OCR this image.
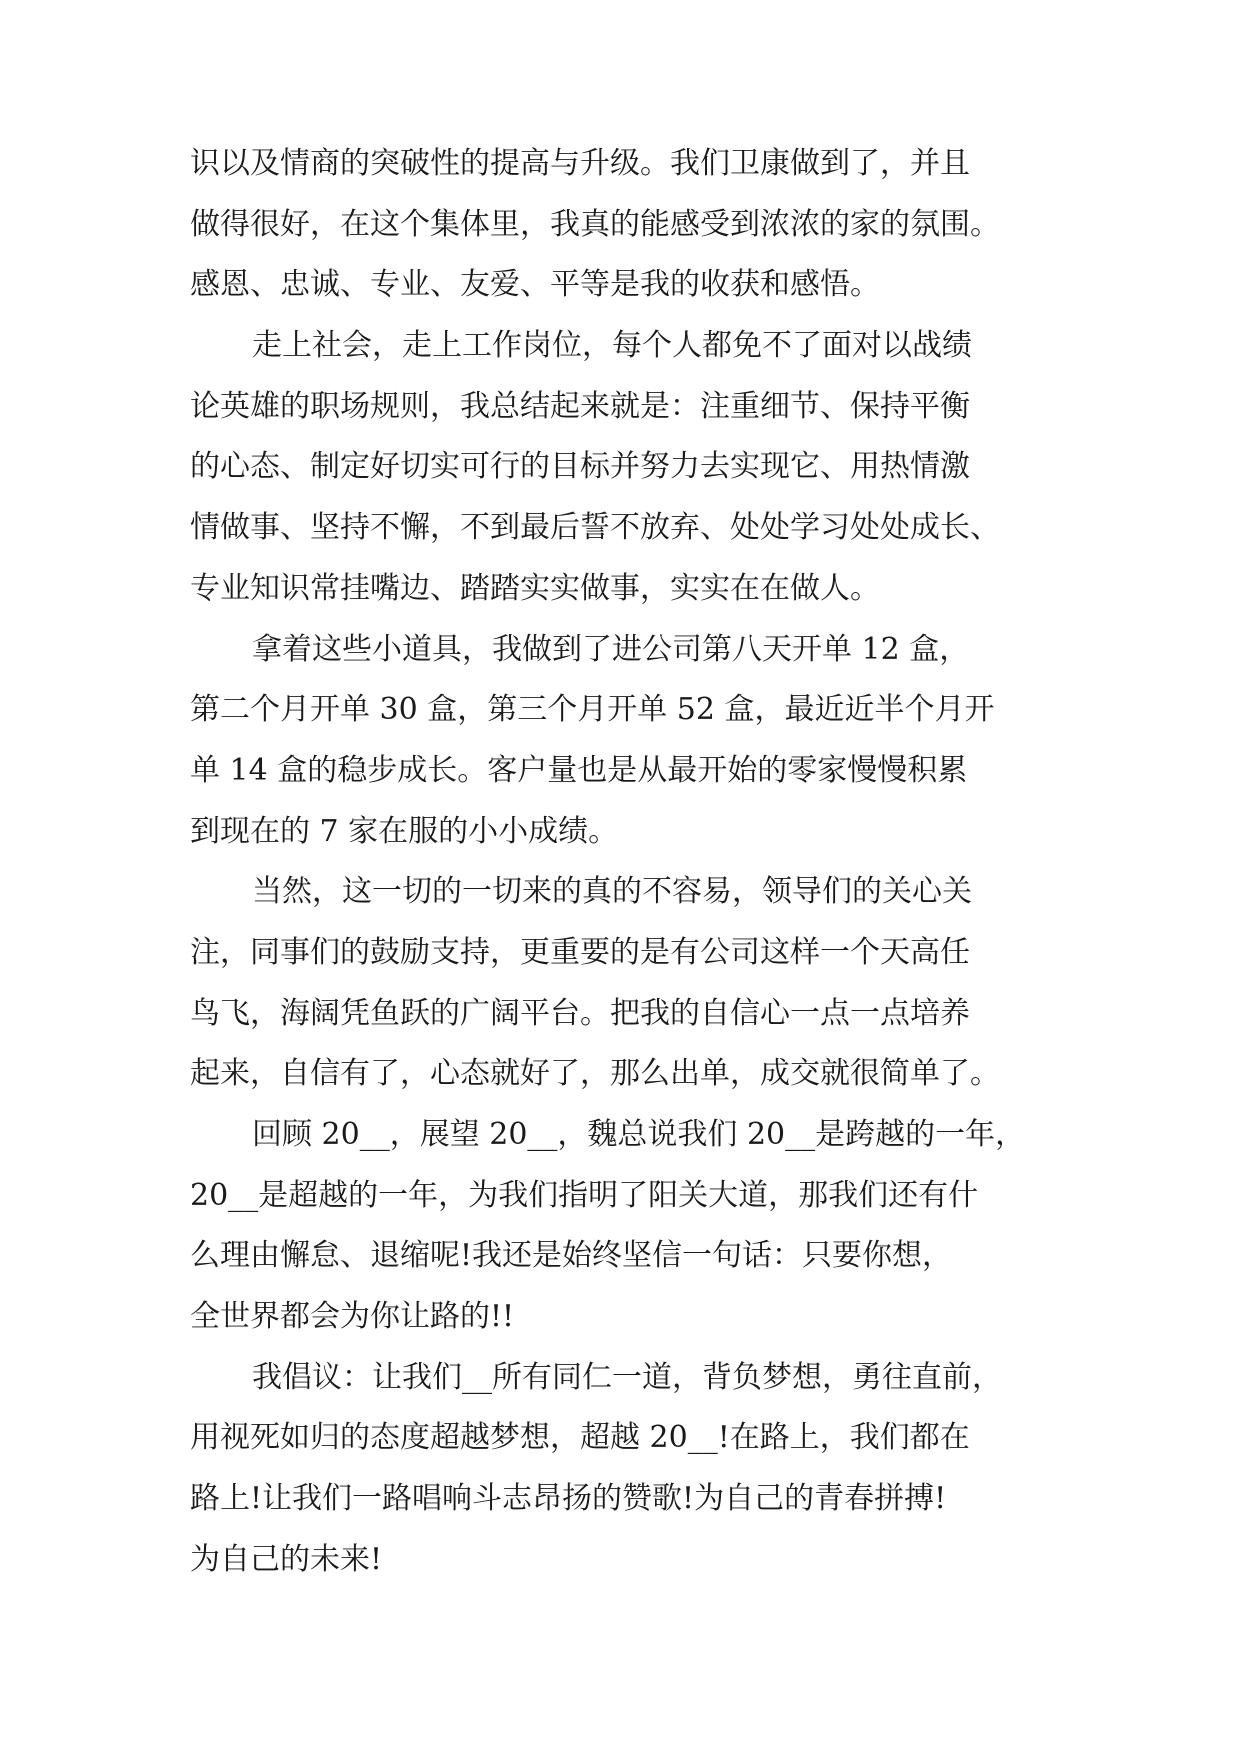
识以及情商的突破性的提高与升级。我们卫康做到了，并且
做得很好，在这个集体里，我真的能感受到浓浓的家的氛围。
感恩、忠诚、专业、友爱、平等是我的收获和感悟。
走上社会，走上工作岗位，每个人都免不了面对以战绩
论英雄的职场规则，我总结起来就是：注重细节、保持平衡
的心态、制定好切实可行的目标并努力去实现它、用热情激
情做事、坚持不懈，不到最后誓不放弃、处处学习处处成长、
专业知识常挂嘴边、踏踏实实做事，实实在在做人。
拿着这些小道具，我做到了进公司第八天开单 12 盒，
第二个月开单 30 盒，第三个月开单 52 盒，最近近半个月开
单 14 盒的稳步成长。客户量也是从最开始的零家慢慢积累
到现在的 7 家在服的小小成绩。
当然，这一切的一切来的真的不容易，领导们的关心关
注，同事们的鼓励支持，更重要的是有公司这样一个天高任
鸟飞，海阔凭鱼跃的广阔平台。把我的自信心一点一点培养
起来，自信有了，心态就好了，那么出单，成交就很简单了。
回顾 20__，展望 20__，魏总说我们 20__是跨越的一年，
20__是超越的一年，为我们指明了阳关大道，那我们还有什
么理由懈怠、退缩呢!我还是始终坚信一句话：只要你想，
全世界都会为你让路的!!
我倡议：让我们__所有同仁一道，背负梦想，勇往直前，
用视死如归的态度超越梦想，超越 20__!在路上，我们都在
路上!让我们一路唱响斗志昂扬的赞歌!为自己的青春拼搏!
为自己的未来!
